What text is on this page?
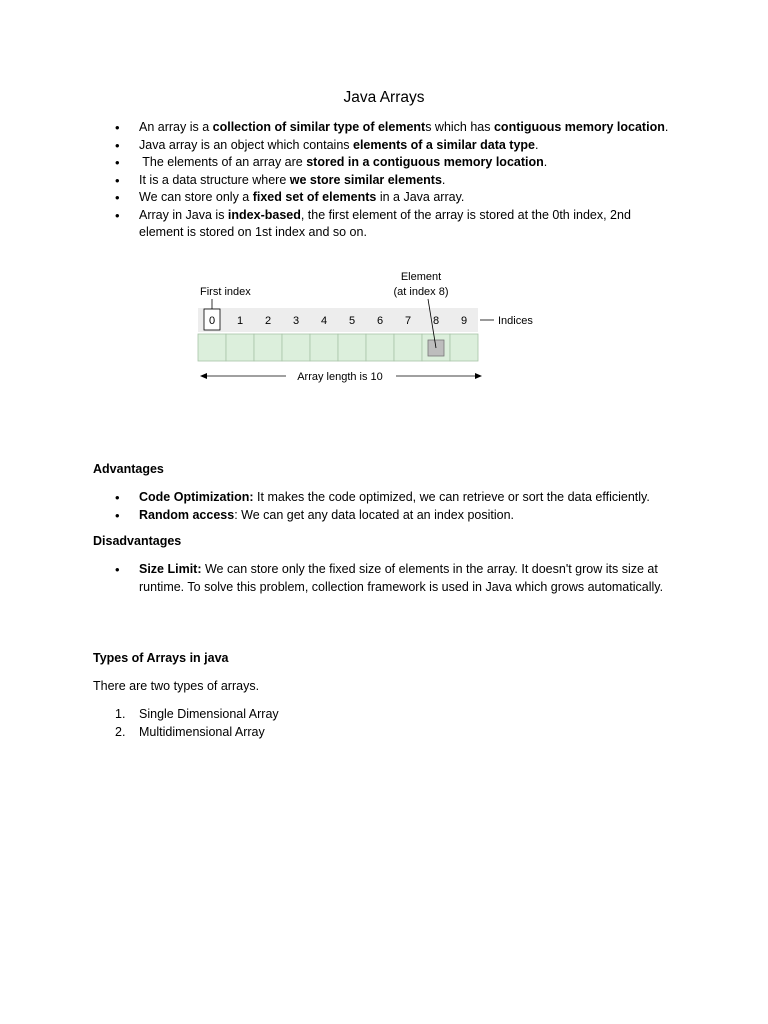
Java Arrays
• An array is a collection of similar type of elements which has contiguous memory location.
• Java array is an object which contains elements of a similar data type.
•  The elements of an array are stored in a contiguous memory location.
• It is a data structure where we store similar elements.
• We can store only a fixed set of elements in a Java array.
• Array in Java is index-based, the first element of the array is stored at the 0th index, 2nd element is stored on 1st index and so on.
0 1 2 3 4 5 6 7 8 9
First index
Element
(at index 8)
Indices
Array length is 10
Advantages
• Code Optimization: It makes the code optimized, we can retrieve or sort the data efficiently.
• Random access: We can get any data located at an index position.
Disadvantages
• Size Limit: We can store only the fixed size of elements in the array. It doesn't grow its size at runtime. To solve this problem, collection framework is used in Java which grows automatically.
Types of Arrays in java
There are two types of arrays.
1. Single Dimensional Array
2. Multidimensional Array
